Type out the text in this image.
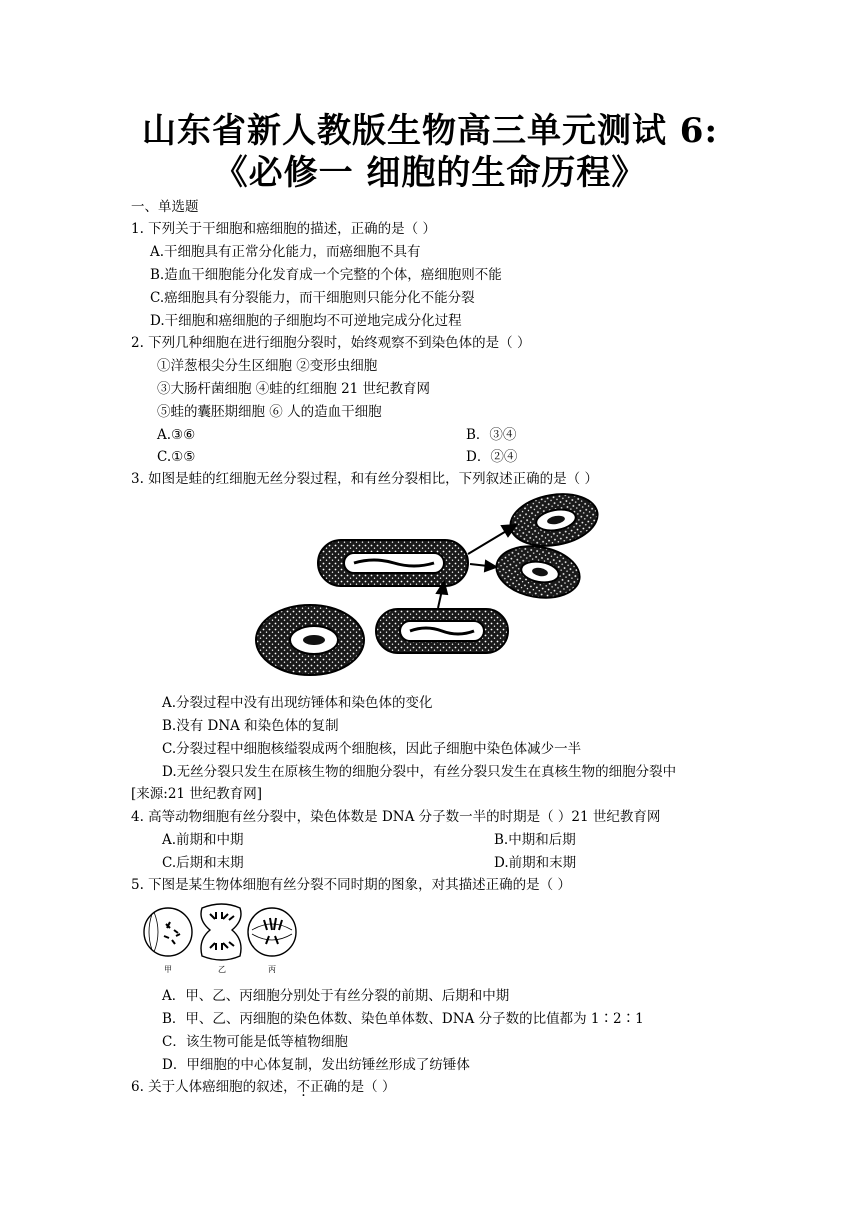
山东省新人教版生物高三单元测试 6:
《必修一 细胞的生命历程》
一、单选题
1. 下列关于干细胞和癌细胞的描述，正确的是（ ）
A.干细胞具有正常分化能力，而癌细胞不具有
B.造血干细胞能分化发育成一个完整的个体，癌细胞则不能
C.癌细胞具有分裂能力，而干细胞则只能分化不能分裂
D.干细胞和癌细胞的子细胞均不可逆地完成分化过程
2. 下列几种细胞在进行细胞分裂时，始终观察不到染色体的是（ ）
①洋葱根尖分生区细胞 ②变形虫细胞
③大肠杆菌细胞 ④蛙的红细胞 21 世纪教育网
⑤蛙的囊胚期细胞 ⑥ 人的造血干细胞
A.③⑥	B．③④
C.①⑤	D．②④
3. 如图是蛙的红细胞无丝分裂过程，和有丝分裂相比，下列叙述正确的是（ ）
A.分裂过程中没有出现纺锤体和染色体的变化
B.没有 DNA 和染色体的复制
C.分裂过程中细胞核缢裂成两个细胞核，因此子细胞中染色体减少一半
D.无丝分裂只发生在原核生物的细胞分裂中，有丝分裂只发生在真核生物的细胞分裂中
[来源:21 世纪教育网]
4. 高等动物细胞有丝分裂中，染色体数是 DNA 分子数一半的时期是（ ）21 世纪教育网
A.前期和中期	B.中期和后期
C.后期和末期	D.前期和末期
5. 下图是某生物体细胞有丝分裂不同时期的图象，对其描述正确的是（ ）
甲	乙	丙
A．甲、乙、丙细胞分别处于有丝分裂的前期、后期和中期
B．甲、乙、丙细胞的染色体数、染色单体数、DNA 分子数的比值都为 1∶2∶1
C．该生物可能是低等植物细胞
D．甲细胞的中心体复制，发出纺锤丝形成了纺锤体
6. 关于人体癌细胞的叙述，不正确的是（ ）
